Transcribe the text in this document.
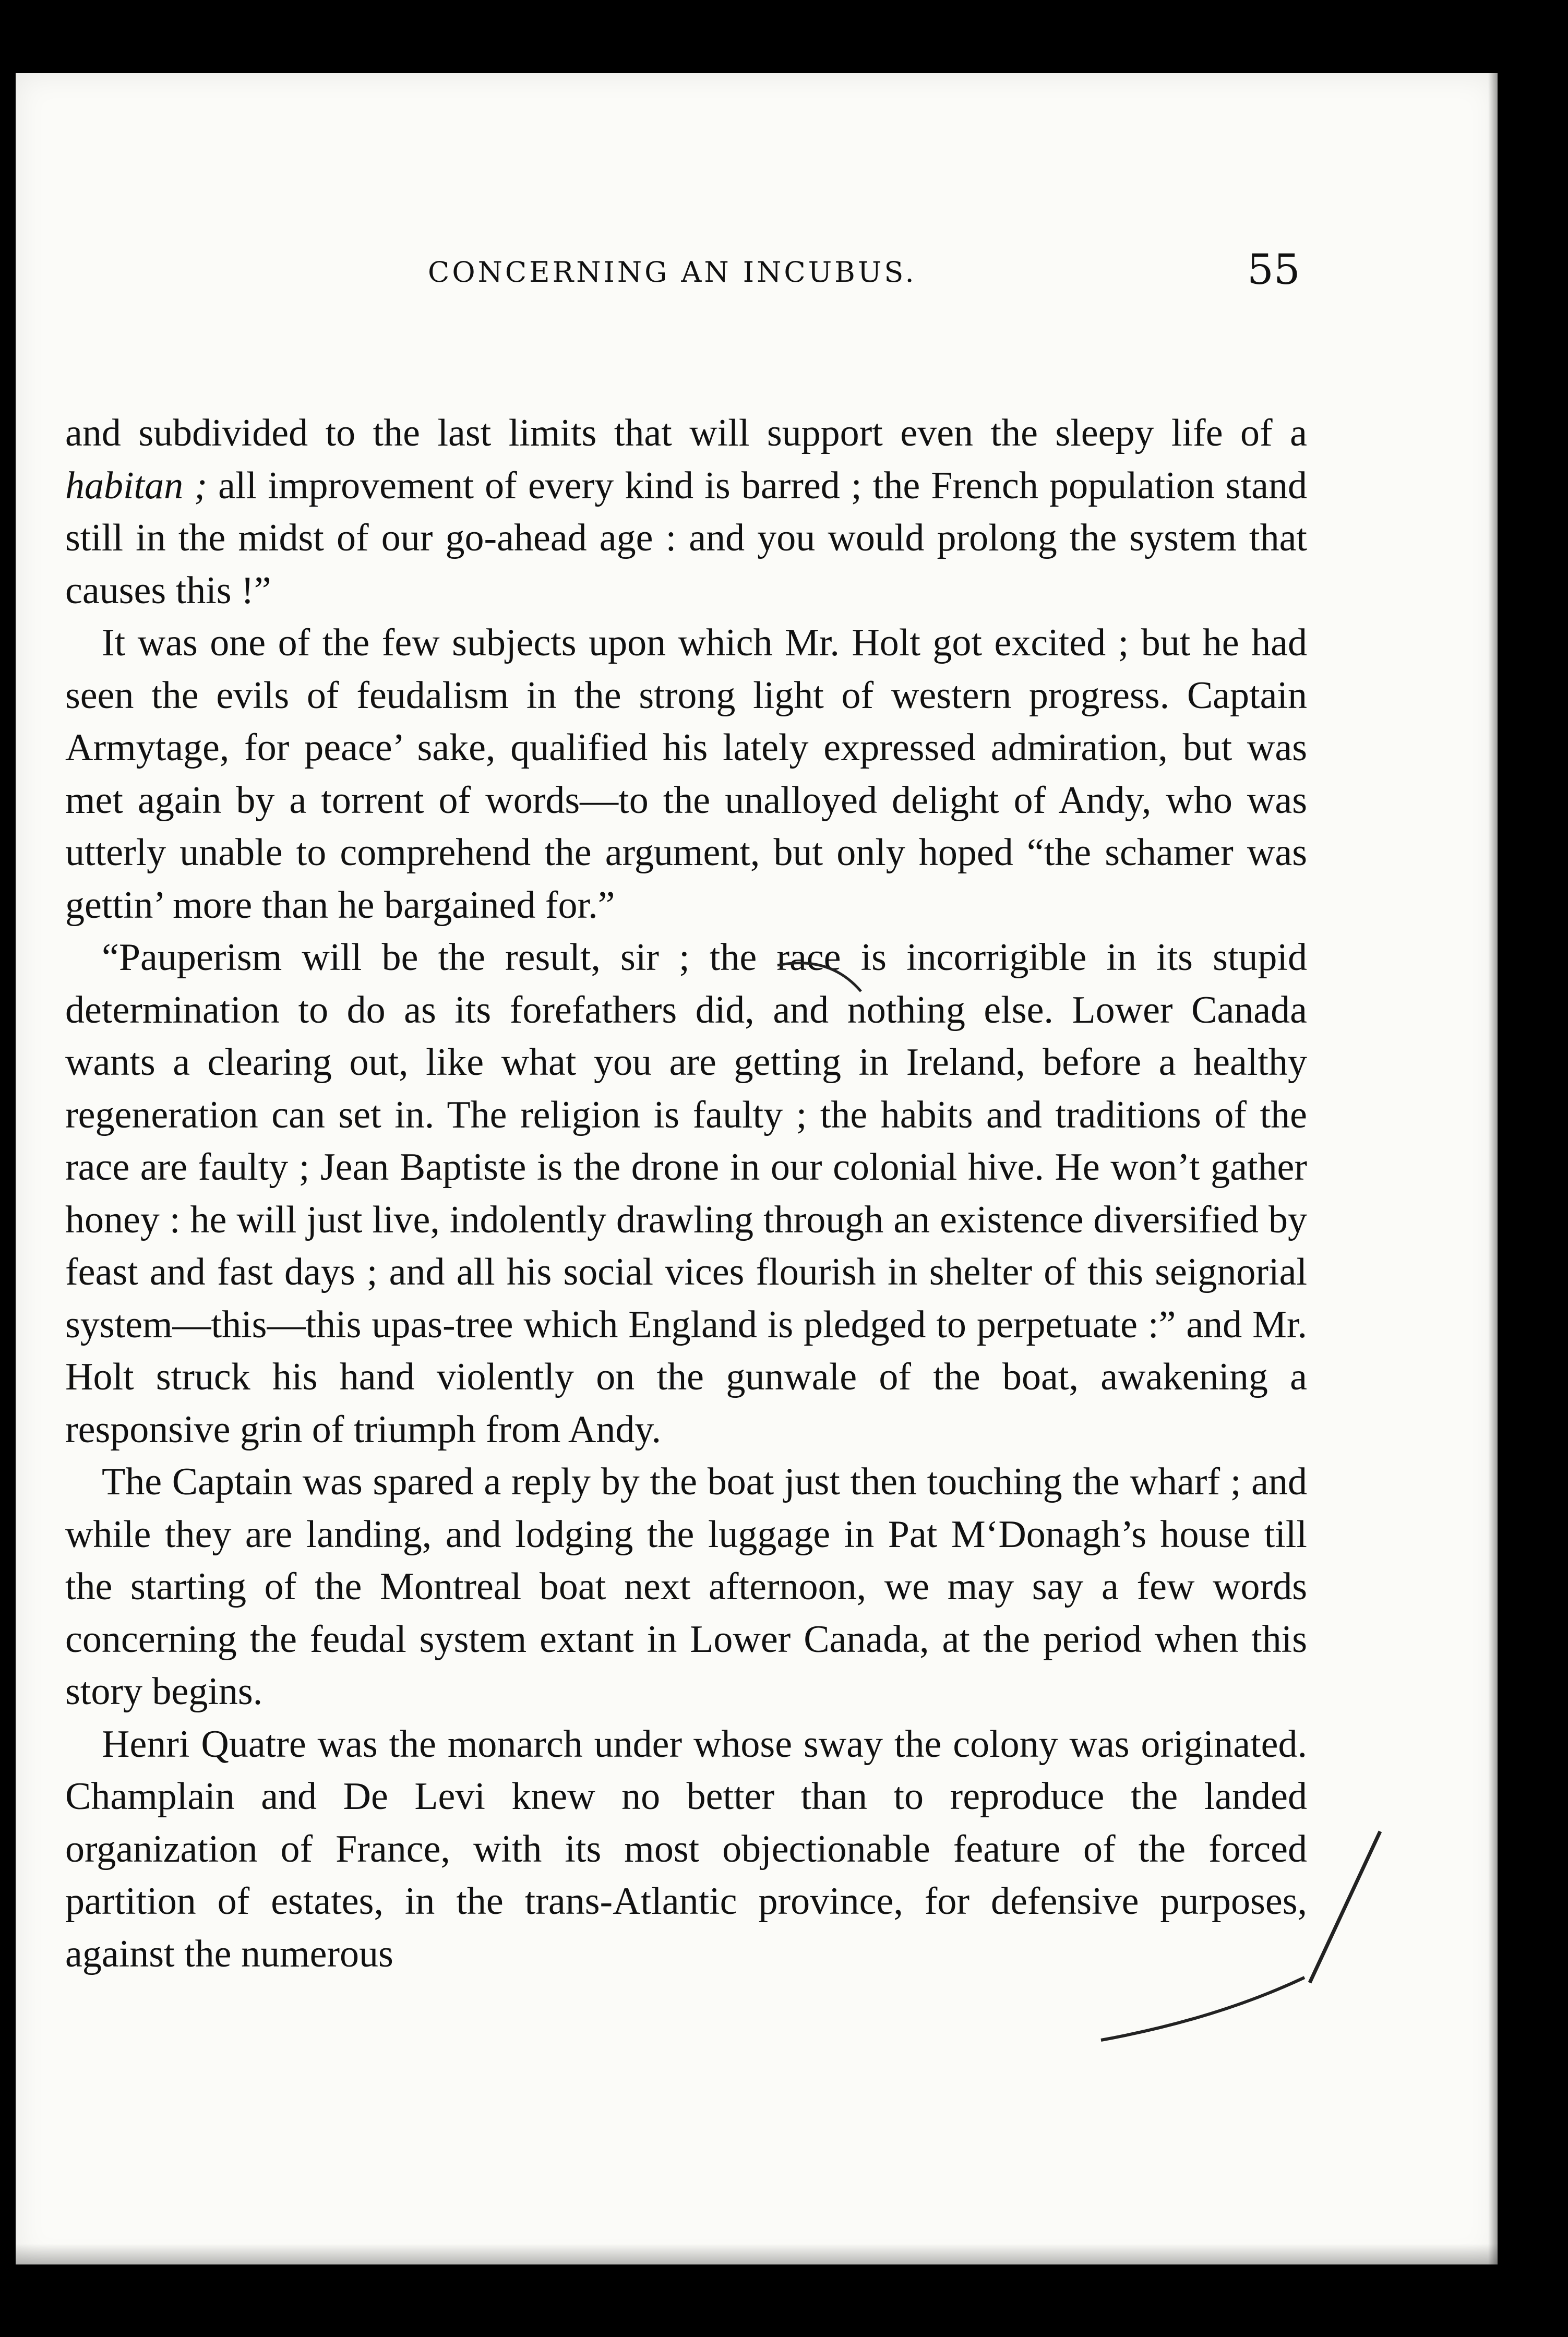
CONCERNING AN INCUBUS.	55

and subdivided to the last limits that will support even the sleepy life of a habitan ; all improvement of every kind is barred ; the French population stand still in the midst of our go-ahead age : and you would prolong the system that causes this !”

It was one of the few subjects upon which Mr. Holt got excited ; but he had seen the evils of feudalism in the strong light of western progress. Captain Armytage, for peace’ sake, qualified his lately expressed admiration, but was met again by a torrent of words—to the unalloyed delight of Andy, who was utterly unable to comprehend the argument, but only hoped “the schamer was gettin’ more than he bargained for.”

“Pauperism will be the result, sir ; the race is incorrigible in its stupid determination to do as its forefathers did, and nothing else. Lower Canada wants a clearing out, like what you are getting in Ireland, before a healthy regeneration can set in. The religion is faulty ; the habits and traditions of the race are faulty ; Jean Baptiste is the drone in our colonial hive. He won’t gather honey : he will just live, indolently drawling through an existence diversified by feast and fast days ; and all his social vices flourish in shelter of this seignorial system—this—this upas-tree which England is pledged to perpetuate :” and Mr. Holt struck his hand violently on the gunwale of the boat, awakening a responsive grin of triumph from Andy.

The Captain was spared a reply by the boat just then touching the wharf ; and while they are landing, and lodging the luggage in Pat M‘Donagh’s house till the starting of the Montreal boat next afternoon, we may say a few words concerning the feudal system extant in Lower Canada, at the period when this story begins.

Henri Quatre was the monarch under whose sway the colony was originated. Champlain and De Levi knew no better than to reproduce the landed organization of France, with its most objectionable feature of the forced partition of estates, in the trans-Atlantic province, for defensive purposes, against the numerous
